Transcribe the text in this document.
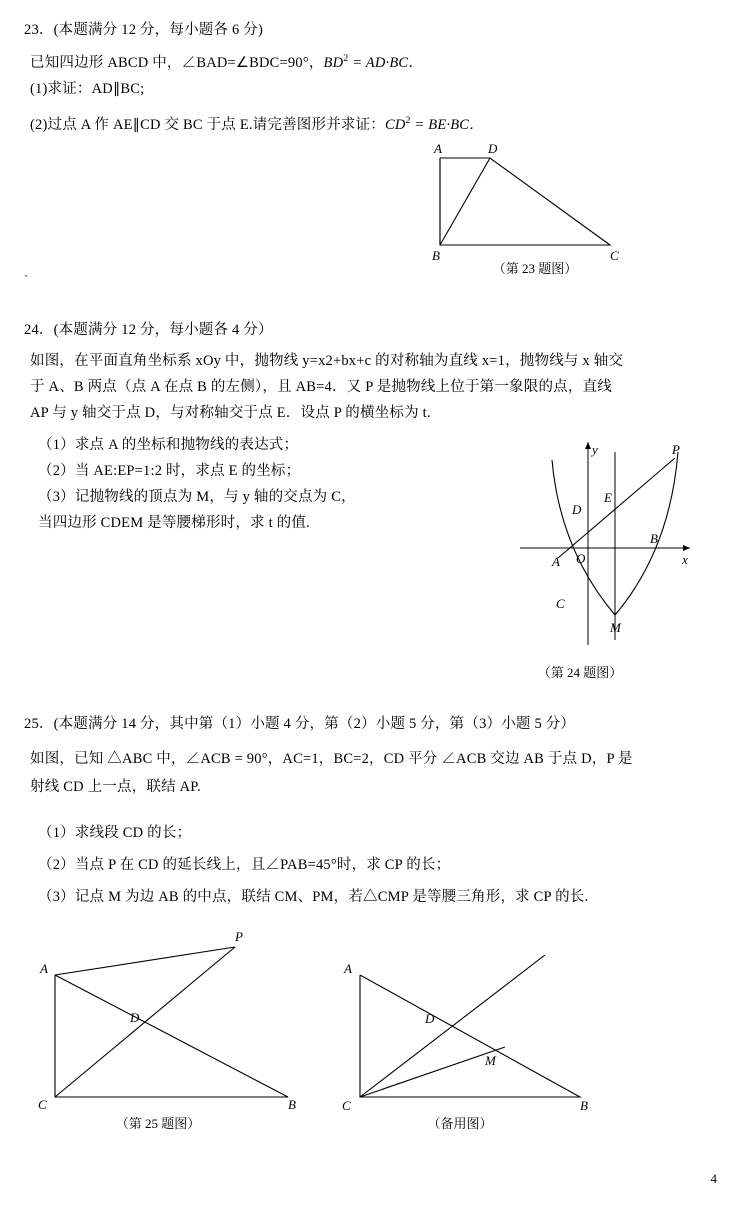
23．(本题满分 12 分，每小题各 6 分)
已知四边形 ABCD 中，∠BAD=∠BDC=90°，$BD^2 = AD\cdot BC$．
(1)求证：AD∥BC;
(2)过点 A 作 AE∥CD 交 BC 于点 E.请完善图形并求证：$CD^2 = BE\cdot BC$．
A	D
B	C
（第 23 题图）
`
24．(本题满分 12 分，每小题各 4 分）
如图，在平面直角坐标系 xOy 中，抛物线 y=x2+bx+c 的对称轴为直线 x=1，抛物线与 x 轴交
于 A、B 两点（点 A 在点 B 的左侧），且 AB=4．又 P 是抛物线上位于第一象限的点，直线
AP 与 y 轴交于点 D，与对称轴交于点 E．设点 P 的横坐标为 t.
（1）求点 A 的坐标和抛物线的表达式；
（2）当 AE:EP=1:2 时，求点 E 的坐标；
（3）记抛物线的顶点为 M，与 y 轴的交点为 C，
当四边形 CDEM 是等腰梯形时，求 t 的值.
x
y
O
A
B
C
D
E
M
P
（第 24 题图）
25．(本题满分 14 分，其中第（1）小题 4 分，第（2）小题 5 分，第（3）小题 5 分）
如图，已知 △ABC 中，∠ACB = 90°，AC=1，BC=2，CD 平分 ∠ACB 交边 AB 于点 D，P 是
射线 CD 上一点，联结 AP.
（1）求线段 CD 的长；
（2）当点 P 在 CD 的延长线上，且∠PAB=45°时，求 CP 的长；
（3）记点 M 为边 AB 的中点，联结 CM、PM，若△CMP 是等腰三角形，求 CP 的长.
A
C	B
D
P
（第 25 题图）
A
C	B
D
M
（备用图）
4
